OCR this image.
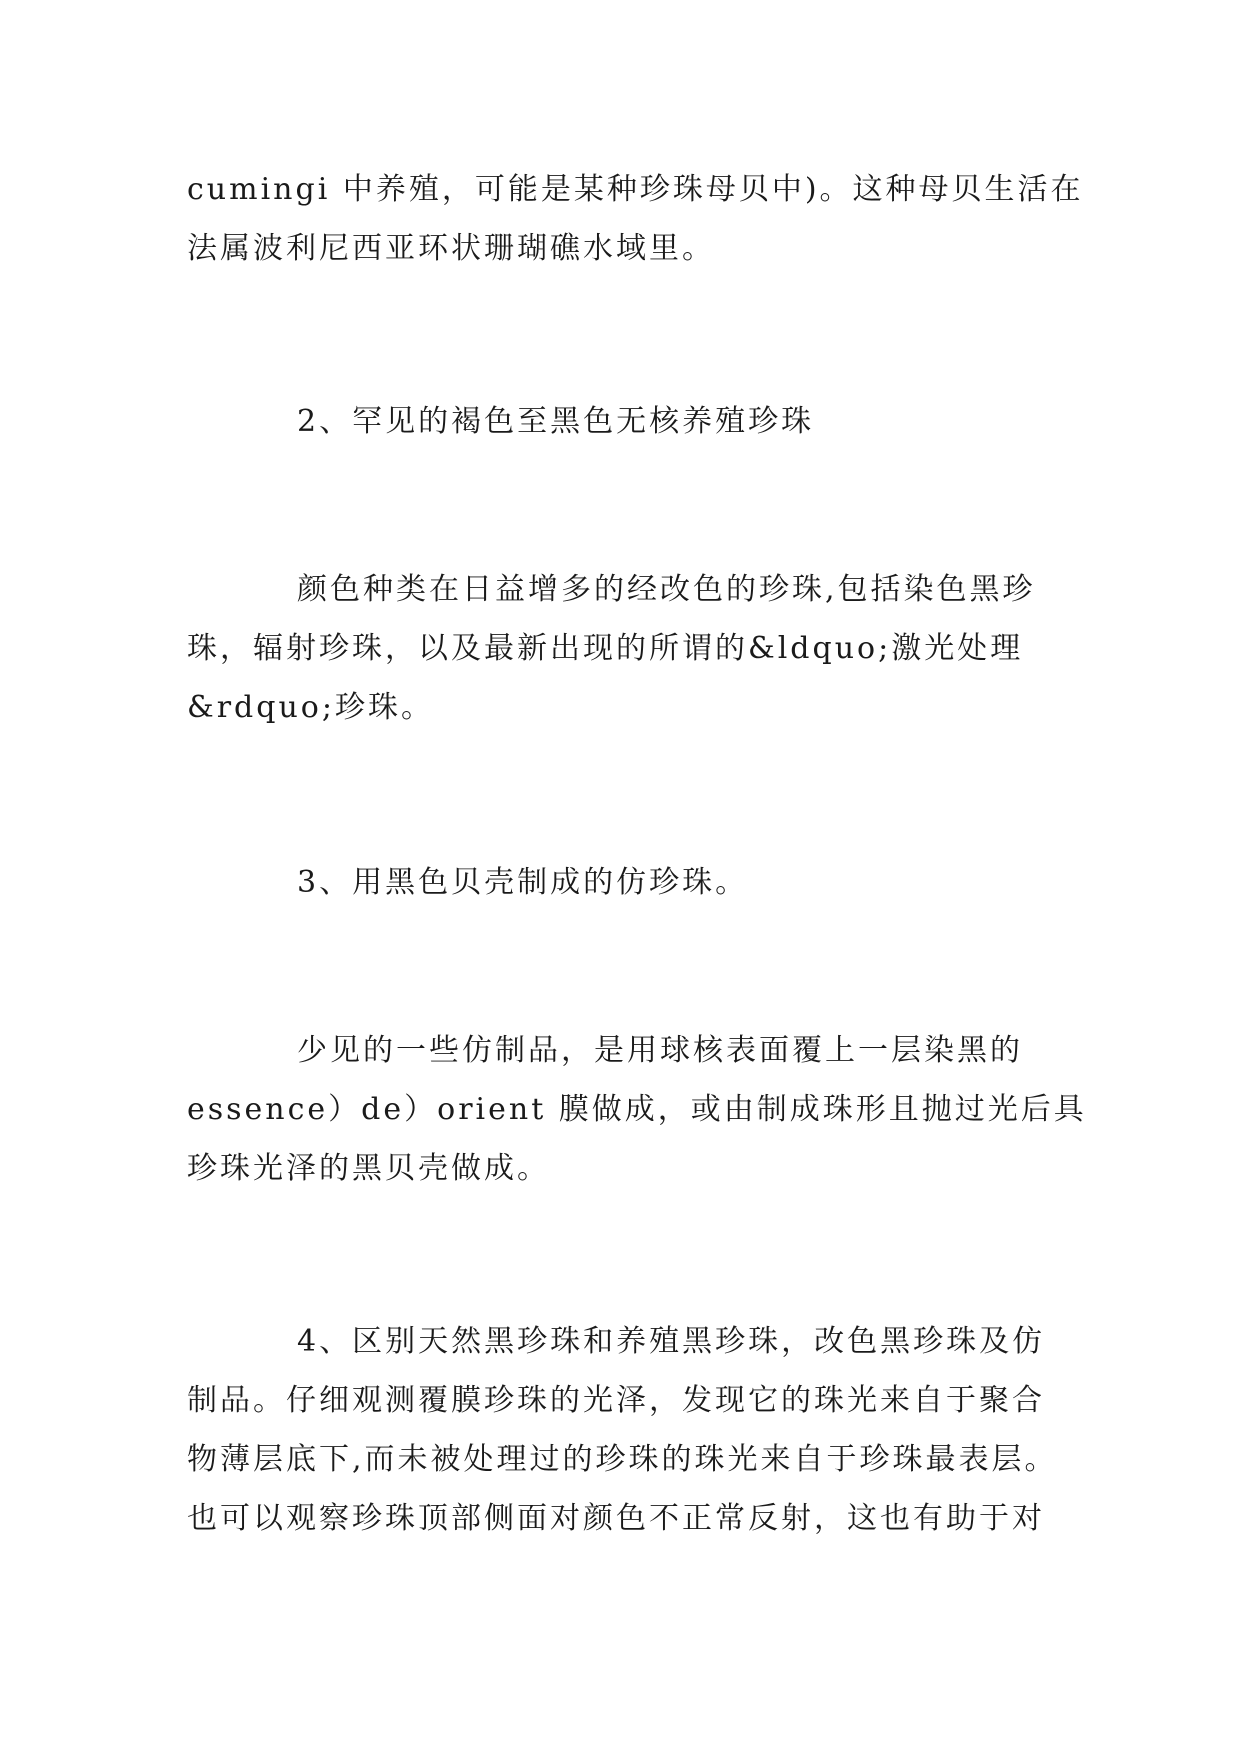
cumingi 中养殖，可能是某种珍珠母贝中)。这种母贝生活在
法属波利尼西亚环状珊瑚礁水域里。

2、罕见的褐色至黑色无核养殖珍珠

颜色种类在日益增多的经改色的珍珠,包括染色黑珍
珠，辐射珍珠，以及最新出现的所谓的&ldquo;激光处理
&rdquo;珍珠。

3、用黑色贝壳制成的仿珍珠。

少见的一些仿制品，是用球核表面覆上一层染黑的
essence）de）orient 膜做成，或由制成珠形且抛过光后具
珍珠光泽的黑贝壳做成。

4、区别天然黑珍珠和养殖黑珍珠，改色黑珍珠及仿
制品。仔细观测覆膜珍珠的光泽，发现它的珠光来自于聚合
物薄层底下,而未被处理过的珍珠的珠光来自于珍珠最表层。
也可以观察珍珠顶部侧面对颜色不正常反射，这也有助于对
